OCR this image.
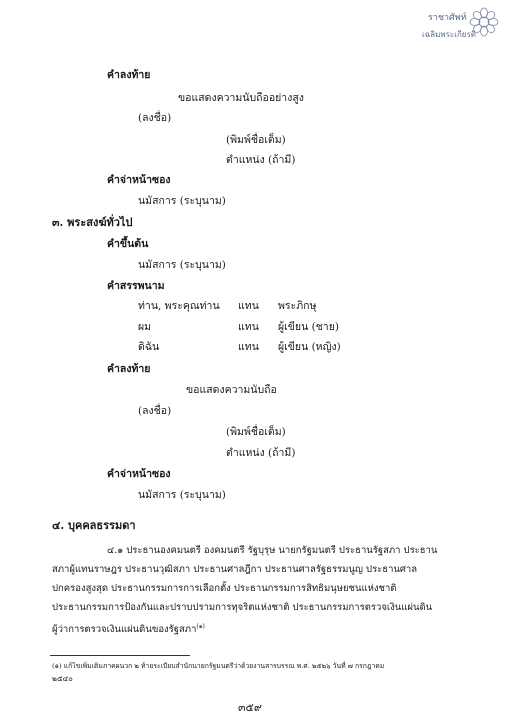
ราชาศัพท์
เฉลิมพระเกียรติ
คำลงท้าย
ขอแสดงความนับถืออย่างสูง
(ลงชื่อ)
(พิมพ์ชื่อเต็ม)
ตำแหน่ง (ถ้ามี)
คำจ่าหน้าซอง
นมัสการ (ระบุนาม)
๓. พระสงฆ์ทั่วไป
คำขึ้นต้น
นมัสการ (ระบุนาม)
คำสรรพนาม
ท่าน, พระคุณท่าน แทน พระภิกษุ
ผม	แทน ผู้เขียน (ชาย)
ดิฉัน	แทน ผู้เขียน (หญิง)
คำลงท้าย
ขอแสดงความนับถือ
(ลงชื่อ)
(พิมพ์ชื่อเต็ม)
ตำแหน่ง (ถ้ามี)
คำจ่าหน้าซอง
นมัสการ (ระบุนาม)
๔. บุคคลธรรมดา
๔.๑ ประธานองคมนตรี องคมนตรี รัฐบุรุษ นายกรัฐมนตรี ประธานรัฐสภา ประธาน
สภาผู้แทนราษฎร ประธานวุฒิสภา ประธานศาลฎีกา ประธานศาลรัฐธรรมนูญ ประธานศาล
ปกครองสูงสุด ประธานกรรมการการเลือกตั้ง ประธานกรรมการสิทธิมนุษยชนแห่งชาติ
ประธานกรรมการป้องกันและปราบปรามการทุจริตแห่งชาติ ประธานกรรมการตรวจเงินแผ่นดิน
ผู้ว่าการตรวจเงินแผ่นดินของรัฐสภา$^{(๑)}$
(๑) แก้ไขเพิ่มเติมภาคผนวก ๒ ท้ายระเบียบสำนักนายกรัฐมนตรีว่าด้วยงานสารบรรณ พ.ศ. ๒๕๒๖ วันที่ ๗ กรกฎาคม
๒๕๔๐
๓๕๙
